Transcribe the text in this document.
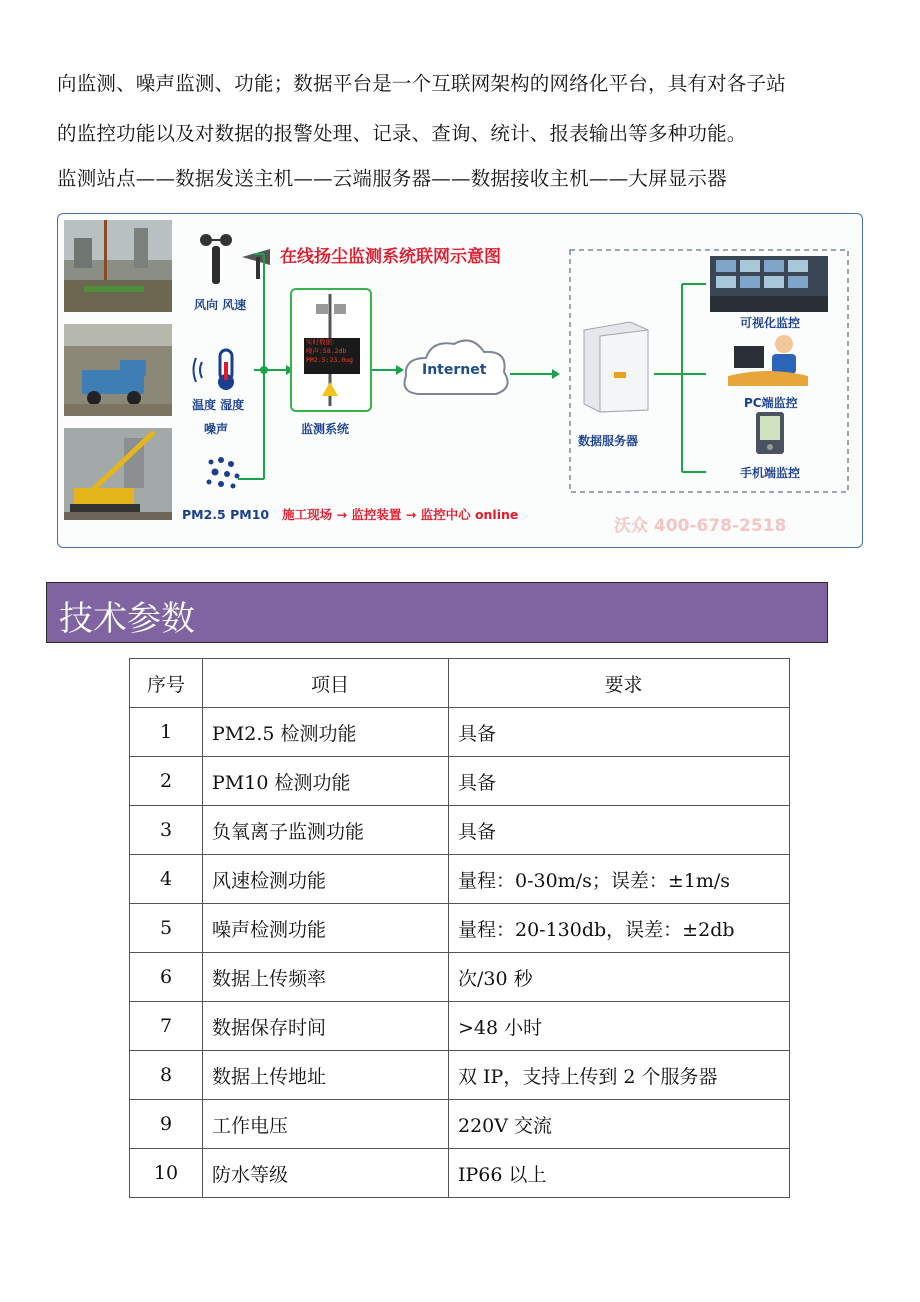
向监测、噪声监测、功能；数据平台是一个互联网架构的网络化平台，具有对各子站
的监控功能以及对数据的报警处理、记录、查询、统计、报表输出等多种功能。
监测站点——数据发送主机——云端服务器——数据接收主机——大屏显示器
风向 风速
温度 湿度
噪声
在线扬尘监测系统联网示意图
实时数据：
噪声:58.2db
PM2.5:23.0ug
监测系统
Internet
数据服务器
可视化监控
PC端监控
手机端监控
PM2.5 PM10 施工现场 → 监控装置 → 监控中心 online
沃众 400-678-2518
技术参数
序号	项目	要求
1	PM2.5 检测功能	具备
2	PM10 检测功能	具备
3	负氧离子监测功能	具备
4	风速检测功能	量程：0-30m/s；误差：±1m/s
5	噪声检测功能	量程：20-130db，误差：±2db
6	数据上传频率	次/30 秒
7	数据保存时间	>48 小时
8	数据上传地址	双 IP，支持上传到 2 个服务器
9	工作电压	220V 交流
10	防水等级	IP66 以上
